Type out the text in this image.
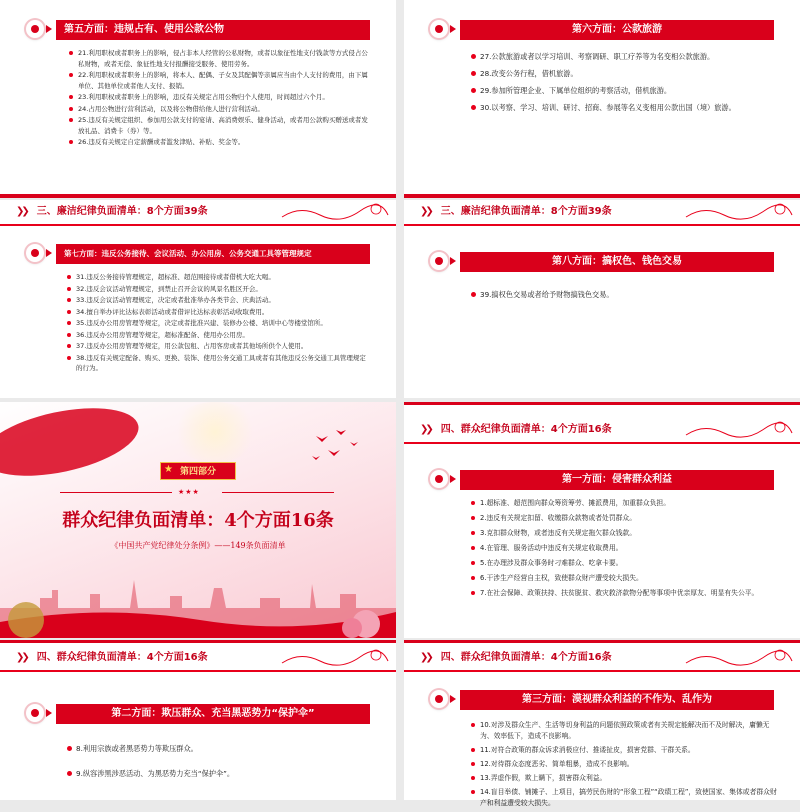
第五方面：违规占有、使用公款公物
21.利用职权或者职务上的影响，侵占非本人经管的公私财物，或者以象征性地支付钱款等方式侵占公私财物，或者无偿、象征性地支付报酬接受服务、使用劳务。
22.利用职权或者职务上的影响，将本人、配偶、子女及其配偶等亲属应当由个人支付的费用，由下属单位、其他单位或者他人支付、报销。
23.利用职权或者职务上的影响，违反有关规定占用公物归个人使用，时间超过六个月。
24.占用公物进行营利活动，以及将公物借给他人进行营利活动。
25.违反有关规定组织、参加用公款支付的宴请、高消费娱乐、健身活动，或者用公款购买赠送或者发放礼品、消费卡（券）等。
26.违反有关规定自定薪酬或者滥发津贴、补贴、奖金等。
第六方面：公款旅游
27.公款旅游或者以学习培训、考察调研、职工疗养等为名变相公款旅游。
28.改变公务行程，借机旅游。
29.参加所管理企业、下属单位组织的考察活动，借机旅游。
30.以考察、学习、培训、研讨、招商、参展等名义变相用公款出国（境）旅游。
❯❯ 三、廉洁纪律负面清单：8个方面39条
第七方面：违反公务接待、会议活动、办公用房、公务交通工具等管理规定
31.违反公务接待管理规定，超标准、超范围接待或者借机大吃大喝。
32.违反会议活动管理规定，到禁止召开会议的风景名胜区开会。
33.违反会议活动管理规定，决定或者批准举办各类节会、庆典活动。
34.擅自举办评比达标表彰活动或者借评比达标表彰活动收取费用。
35.违反办公用房管理等规定，决定或者批准兴建、装修办公楼、培训中心等楼堂馆所。
36.违反办公用房管理等规定，超标准配备、使用办公用房。
37.违反办公用房管理等规定，用公款包租、占用客房或者其他场所供个人使用。
38.违反有关规定配备、购买、更换、装饰、使用公务交通工具或者有其他违反公务交通工具管理规定的行为。
❯❯ 三、廉洁纪律负面清单：8个方面39条
第八方面：搞权色、钱色交易
39.搞权色交易或者给予财物搞钱色交易。
第四部分
★
★★★
群众纪律负面清单：4个方面16条
《中国共产党纪律处分条例》——149条负面清单
❯❯ 四、群众纪律负面清单：4个方面16条
第一方面：侵害群众利益
1.超标准、超范围向群众筹资筹劳、摊派费用，加重群众负担。
2.违反有关规定扣留、收缴群众款物或者处罚群众。
3.克扣群众财物，或者违反有关规定拖欠群众钱款。
4.在管理、服务活动中违反有关规定收取费用。
5.在办理涉及群众事务时刁难群众、吃拿卡要。
6.干涉生产经营自主权，致使群众财产遭受较大损失。
7.在社会保障、政策扶持、扶贫脱贫、救灾救济款物分配等事项中优亲厚友、明显有失公平。
❯❯ 四、群众纪律负面清单：4个方面16条
第二方面：欺压群众、充当黑恶势力“保护伞”
8.利用宗族或者黑恶势力等欺压群众。
9.纵容涉黑涉恶活动、为黑恶势力充当“保护伞”。
❯❯ 四、群众纪律负面清单：4个方面16条
第三方面：漠视群众利益的不作为、乱作为
10.对涉及群众生产、生活等切身利益的问题依照政策或者有关规定能解决而不及时解决，庸懒无为、效率低下，造成不良影响。
11.对符合政策的群众诉求消极应付、推诿扯皮，损害党群、干群关系。
12.对待群众态度恶劣、简单粗暴，造成不良影响。
13.弄虚作假，欺上瞒下，损害群众利益。
14.盲目举债、铺摊子、上项目，搞劳民伤财的“形象工程”“政绩工程”，致使国家、集体或者群众财产和利益遭受较大损失。
